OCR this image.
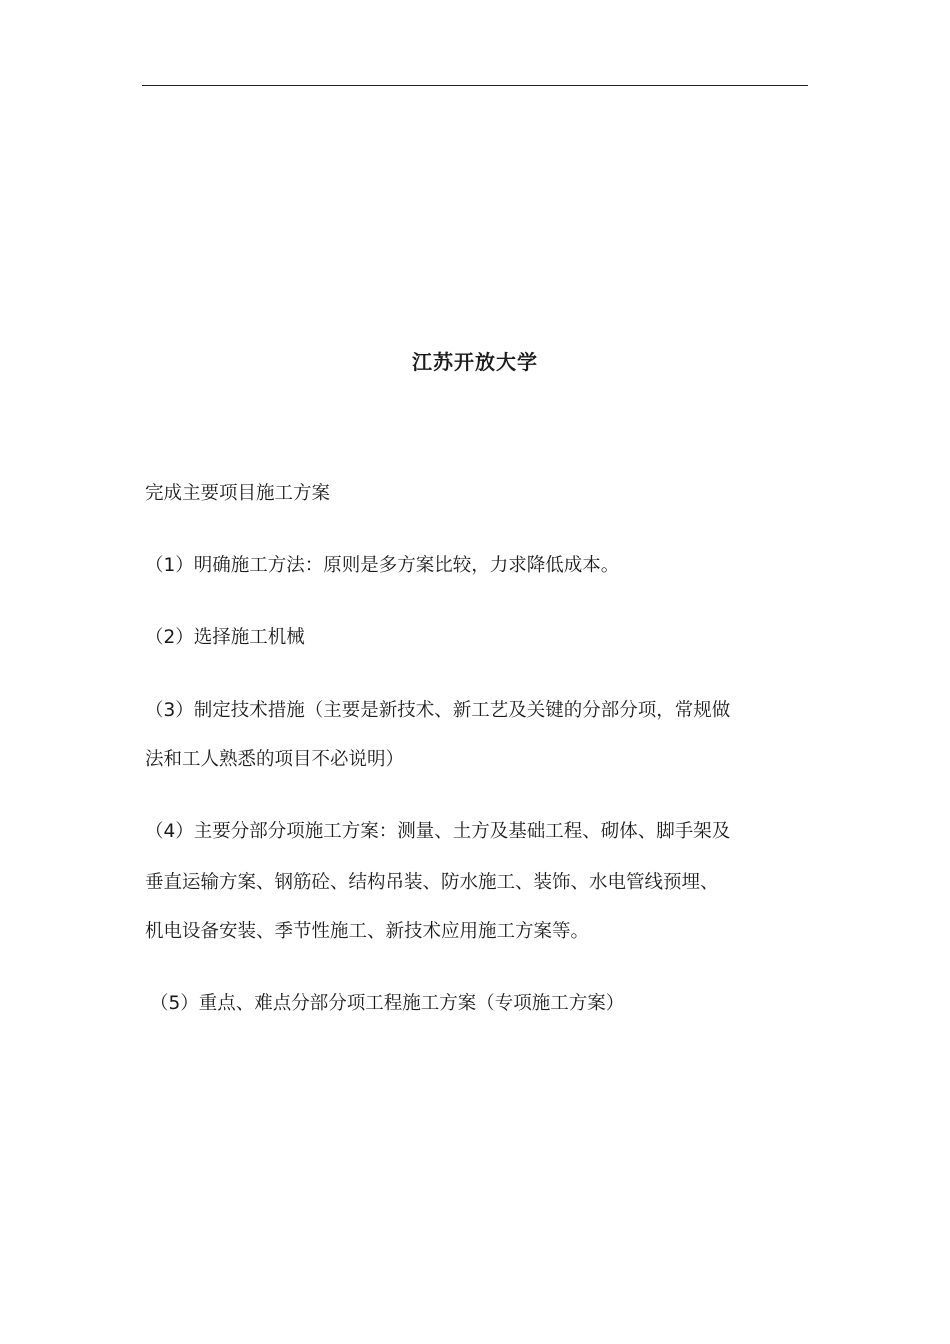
江苏开放大学
完成主要项目施工方案
（1）明确施工方法：原则是多方案比较，力求降低成本。
（2）选择施工机械
（3）制定技术措施（主要是新技术、新工艺及关键的分部分项，常规做
法和工人熟悉的项目不必说明）
（4）主要分部分项施工方案：测量、土方及基础工程、砌体、脚手架及
垂直运输方案、钢筋砼、结构吊装、防水施工、装饰、水电管线预埋、
机电设备安装、季节性施工、新技术应用施工方案等。
（5）重点、难点分部分项工程施工方案（专项施工方案）
